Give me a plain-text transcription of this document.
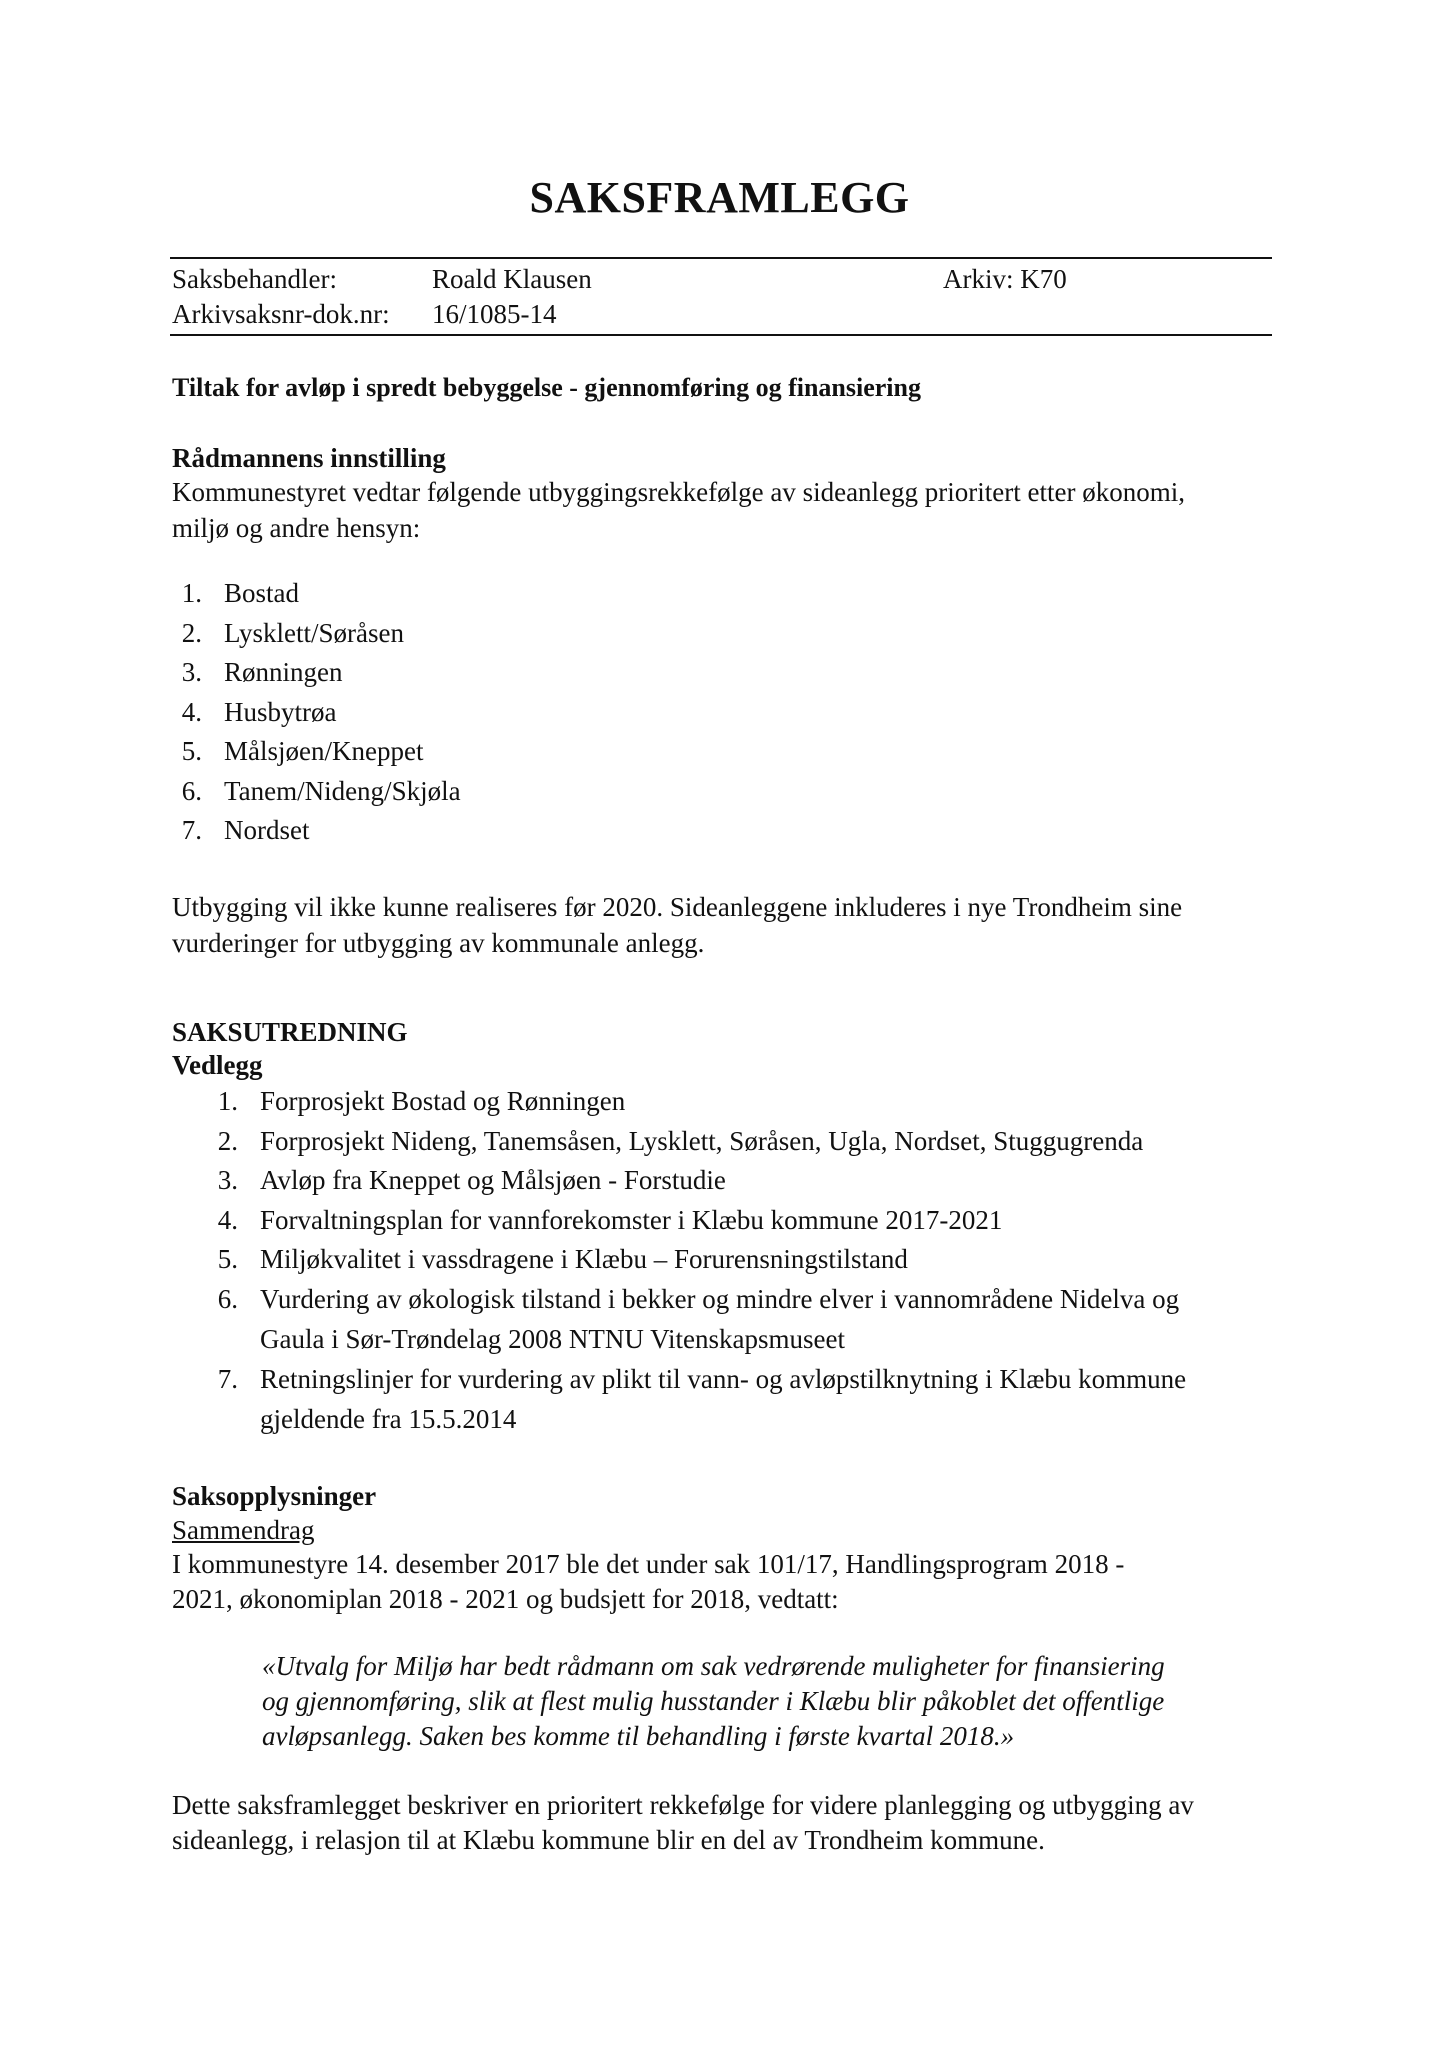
SAKSFRAMLEGG
Saksbehandler:	Roald Klausen	Arkiv: K70
Arkivsaksnr-dok.nr: 16/1085-14
Tiltak for avløp i spredt bebyggelse - gjennomføring og finansiering
Rådmannens innstilling
Kommunestyret vedtar følgende utbyggingsrekkefølge av sideanlegg prioritert etter økonomi,
miljø og andre hensyn:
1. Bostad
2. Lysklett/Søråsen
3. Rønningen
4. Husbytrøa
5. Målsjøen/Kneppet
6. Tanem/Nideng/Skjøla
7. Nordset
Utbygging vil ikke kunne realiseres før 2020. Sideanleggene inkluderes i nye Trondheim sine
vurderinger for utbygging av kommunale anlegg.
SAKSUTREDNING
Vedlegg
1. Forprosjekt Bostad og Rønningen
2. Forprosjekt Nideng, Tanemsåsen, Lysklett, Søråsen, Ugla, Nordset, Stuggugrenda
3. Avløp fra Kneppet og Målsjøen - Forstudie
4. Forvaltningsplan for vannforekomster i Klæbu kommune 2017-2021
5. Miljøkvalitet i vassdragene i Klæbu – Forurensningstilstand
6. Vurdering av økologisk tilstand i bekker og mindre elver i vannområdene Nidelva og
Gaula i Sør-Trøndelag 2008 NTNU Vitenskapsmuseet
7. Retningslinjer for vurdering av plikt til vann- og avløpstilknytning i Klæbu kommune
gjeldende fra 15.5.2014
Saksopplysninger
Sammendrag
I kommunestyre 14. desember 2017 ble det under sak 101/17, Handlingsprogram 2018 -
2021, økonomiplan 2018 - 2021 og budsjett for 2018, vedtatt:
«Utvalg for Miljø har bedt rådmann om sak vedrørende muligheter for finansiering
og gjennomføring, slik at flest mulig husstander i Klæbu blir påkoblet det offentlige
avløpsanlegg. Saken bes komme til behandling i første kvartal 2018.»
Dette saksframlegget beskriver en prioritert rekkefølge for videre planlegging og utbygging av
sideanlegg, i relasjon til at Klæbu kommune blir en del av Trondheim kommune.
